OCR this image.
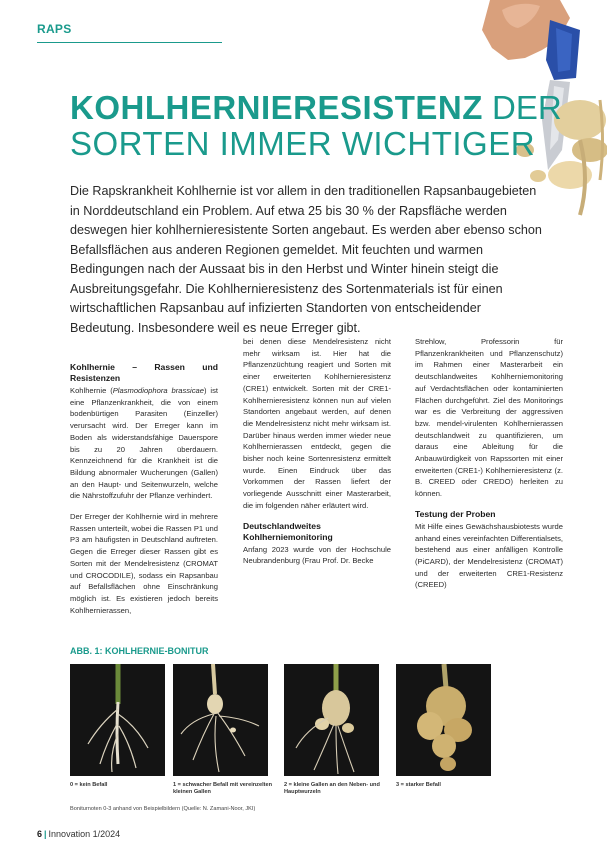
RAPS
KOHLHERNIERESISTENZ DER
SORTEN IMMER WICHTIGER
Die Rapskrankheit Kohlhernie ist vor allem in den traditionellen Rapsanbaugebieten in Norddeutschland ein Problem. Auf etwa 25 bis 30 % der Rapsfläche werden deswegen hier kohlhernieresistente Sorten angebaut. Es werden aber ebenso schon Befallsflächen aus anderen Regionen gemeldet. Mit feuchten und warmen Bedingungen nach der Aussaat bis in den Herbst und Winter hinein steigt die Ausbreitungsgefahr. Die Kohlhernieresistenz des Sortenmaterials ist für einen wirtschaftlichen Rapsanbau auf infizierten Standorten von entscheidender Bedeutung. Insbesondere weil es neue Erreger gibt.
Kohlhernie – Rassen und Resistenzen

Kohlhernie (Plasmodiophora brassicae) ist eine Pflanzenkrankheit, die von einem bodenbürtigen Parasiten (Einzeller) verursacht wird. Der Erreger kann im Boden als widerstandsfähige Dauerspore bis zu 20 Jahren überdauern. Kennzeichnend für die Krankheit ist die Bildung abnormaler Wucherungen (Gallen) an den Haupt- und Seitenwurzeln, welche die Nährstoffzufuhr der Pflanze verhindert.

Der Erreger der Kohlhernie wird in mehrere Rassen unterteilt, wobei die Rassen P1 und P3 am häufigsten in Deutschland auftreten. Gegen die Erreger dieser Rassen gibt es Sorten mit der Mendelresistenz (CROMAT und CROCODILE), sodass ein Rapsanbau auf Befallsflächen ohne Einschränkung möglich ist. Es existieren jedoch bereits Kohlhernierassen,

bei denen diese Mendelresistenz nicht mehr wirksam ist. Hier hat die Pflanzenzüchtung reagiert und Sorten mit einer erweiterten Kohlhernieresistenz (CRE1) entwickelt. Sorten mit der CRE1-Kohlhernieresistenz können nun auf vielen Standorten angebaut werden, auf denen die Mendelresistenz nicht mehr wirksam ist. Darüber hinaus werden immer wieder neue Kohlhernierassen entdeckt, gegen die bisher noch keine Sortenresistenz ermittelt wurde. Einen Eindruck über das Vorkommen der Rassen liefert der vorliegende Ausschnitt einer Masterarbeit, die im folgenden näher erläutert wird.

Deutschlandweites Kohlherniemonitoring

Anfang 2023 wurde von der Hochschule Neubrandenburg (Frau Prof. Dr. Becke

Strehlow, Professorin für Pflanzenkrankheiten und Pflanzenschutz) im Rahmen einer Masterarbeit ein deutschlandweites Kohlherniemonitoring auf Verdachtsflächen oder kontaminierten Flächen durchgeführt. Ziel des Monitorings war es die Verbreitung der aggressiven bzw. mendel-virulenten Kohlhernierassen deutschlandweit zu quantifizieren, um daraus eine Ableitung für die Anbauwürdigkeit von Rapssorten mit einer erweiterten (CRE1-) Kohlhernieresistenz (z. B. CREED oder CREDO) herleiten zu können.

Testung der Proben

Mit Hilfe eines Gewächshausbiotests wurde anhand eines vereinfachten Differentialsets, bestehend aus einer anfälligen Kontrolle (PiCARD), der Mendelresistenz (CROMAT) und der erweiterten CRE1-Resistenz (CREED)

ABB. 1: KOHLHERNIE-BONITUR
0 = kein Befall	1 = schwacher Befall mit vereinzelten kleinen Gallen
2 = kleine Gallen an den Neben- und Hauptwurzeln
3 = starker Befall
Boniturnoten 0-3 anhand von Beispielbildern (Quelle: N. Zamani-Noor, JKI)
6 | Innovation 1/2024
